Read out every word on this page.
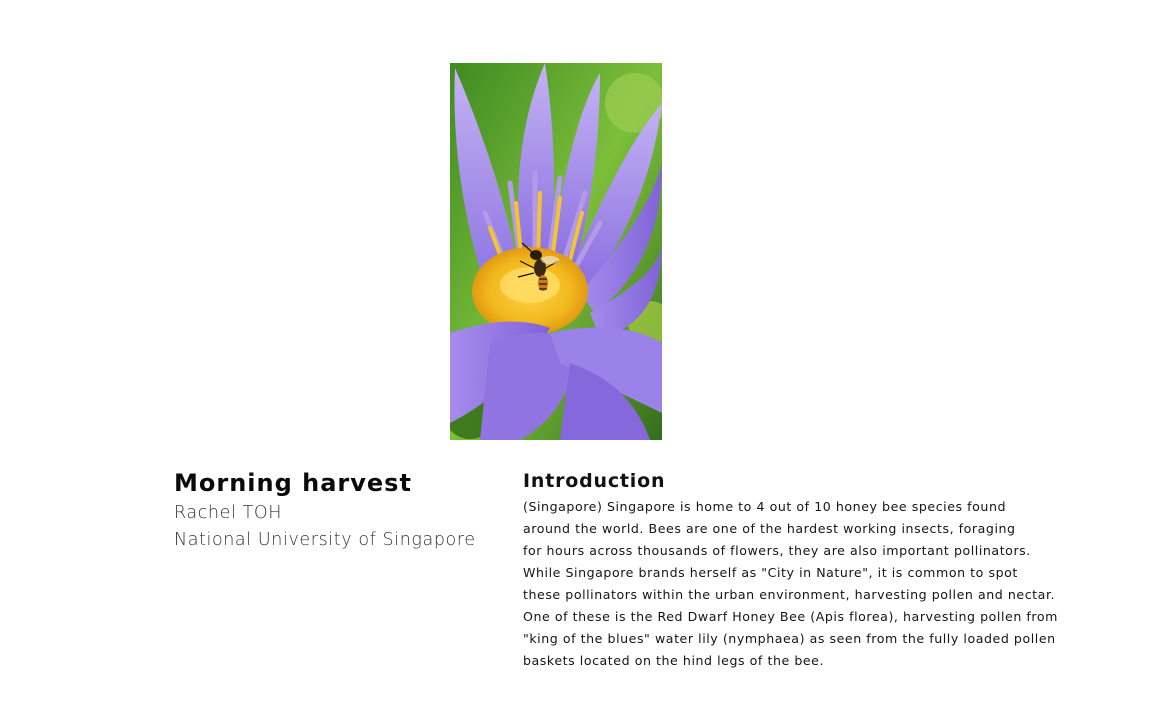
Morning harvest

Rachel TOH

National University of Singapore

Introduction

(Singapore) Singapore is home to 4 out of 10 honey bee species found

around the world. Bees are one of the hardest working insects, foraging

for hours across thousands of flowers, they are also important pollinators.

While Singapore brands herself as "City in Nature", it is common to spot

these pollinators within the urban environment, harvesting pollen and nectar.

One of these is the Red Dwarf Honey Bee (Apis florea), harvesting pollen from

"king of the blues" water lily (nymphaea) as seen from the fully loaded pollen

baskets located on the hind legs of the bee.
